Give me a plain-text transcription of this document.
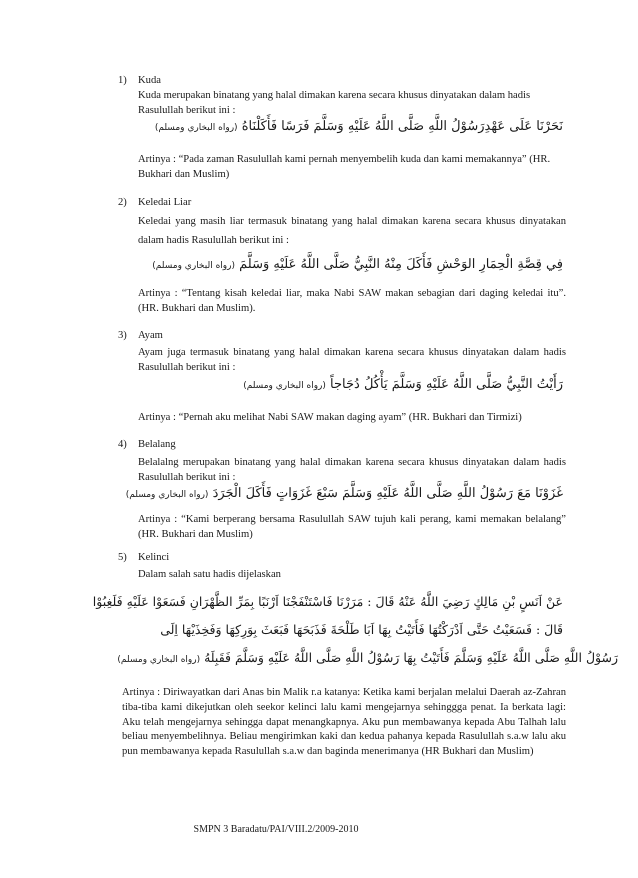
1) Kuda
Kuda merupakan binatang yang halal dimakan karena secara khusus dinyatakan dalam hadis Rasulullah berikut ini :
نَحَرْنَا عَلَى عَهْدِرَسُوْلُ اللَّهِ صَلَّى اللَّهُ عَلَيْهِ وَسَلَّمَ فَرَسًا فَأَكَلْنَاهُ (رواه البخاري ومسلم)
Artinya : “Pada zaman Rasulullah kami pernah menyembelih kuda dan kami memakannya” (HR. Bukhari dan Muslim)
2) Keledai Liar
Keledai yang masih liar termasuk binatang yang halal dimakan karena secara khusus dinyatakan dalam hadis Rasulullah berikut ini :
فِي قِصَّةِ الْحِمَارِ الوَحْشِ فَأَكَلَ مِنْهُ النَّبِيُّ صَلَّى اللَّهُ عَلَيْهِ وَسَلَّمَ (رواه البخاري ومسلم)
Artinya : “Tentang kisah keledai liar, maka Nabi SAW makan sebagian dari daging keledai itu”. (HR. Bukhari dan Muslim).
3) Ayam
Ayam juga termasuk binatang yang halal dimakan karena secara khusus dinyatakan dalam hadis Rasulullah berikut ini :
رَأَيْتُ النَّبِيُّ صَلَّى اللَّهُ عَلَيْهِ وَسَلَّمَ يَأْكُلُ دُجَاجاً (رواه البخاري ومسلم)
Artinya : “Pernah aku melihat Nabi SAW makan daging ayam” (HR. Bukhari dan Tirmizi)
4) Belalang
Belalalng merupakan binatang yang halal dimakan karena secara khusus dinyatakan dalam hadis Rasulullah berikut ini :
غَزَوْنَا مَعَ رَسُوْلُ اللَّهِ صَلَّى اللَّهُ عَلَيْهِ وَسَلَّمَ سَبْعَ غَزَوَاتٍ فَأَكَلَ الْجَرَدَ (رواه البخاري ومسلم)
Artinya : “Kami berperang bersama Rasulullah SAW tujuh kali perang, kami memakan belalang” (HR. Bukhari dan Muslim)
5) Kelinci
Dalam salah satu hadis dijelaskan
عَنْ اَنَسٍ بْنِ مَالِكٍ رَضِيَ اللَّهُ عَنْهُ قَالَ : مَرَرْنَا فَاسْتَنْفَجْنَا اَرْنَبًا بِمَرِّ الظَّهْرَانِ فَسَعَوْا عَلَيْهِ فَلَغِبُوْا
قَالَ : فَسَعَيْتُ حَتَّى اَدْرَكْتُهَا فَأَتَيْتُ بِهَا اَبَا طَلْحَةَ فَذَبَحَهَا فَبَعَثَ بِوَرِكِهَا وَفَخِذَيْهَا اِلَى
رَسُوْلُ اللَّهِ صَلَّى اللَّهُ عَلَيْهِ وَسَلَّمَ فَأَتَيْتُ بِهَا رَسُوْلُ اللَّهِ صَلَّى اللَّهُ عَلَيْهِ وَسَلَّمَ فَقَبِلَهُ (رواه البخاري ومسلم)
Artinya : Diriwayatkan dari Anas bin Malik r.a katanya: Ketika kami berjalan melalui Daerah az-Zahran tiba-tiba kami dikejutkan oleh seekor kelinci lalu kami mengejarnya sehinggga penat. Ia berkata lagi: Aku telah mengejarnya sehingga dapat menangkapnya. Aku pun membawanya kepada Abu Talhah lalu beliau menyembelihnya. Beliau mengirimkan kaki dan kedua pahanya kepada Rasulullah s.a.w lalu aku pun membawanya kepada Rasulullah s.a.w dan baginda menerimanya (HR Bukhari dan Muslim)
SMPN 3 Baradatu/PAI/VIII.2/2009-2010
